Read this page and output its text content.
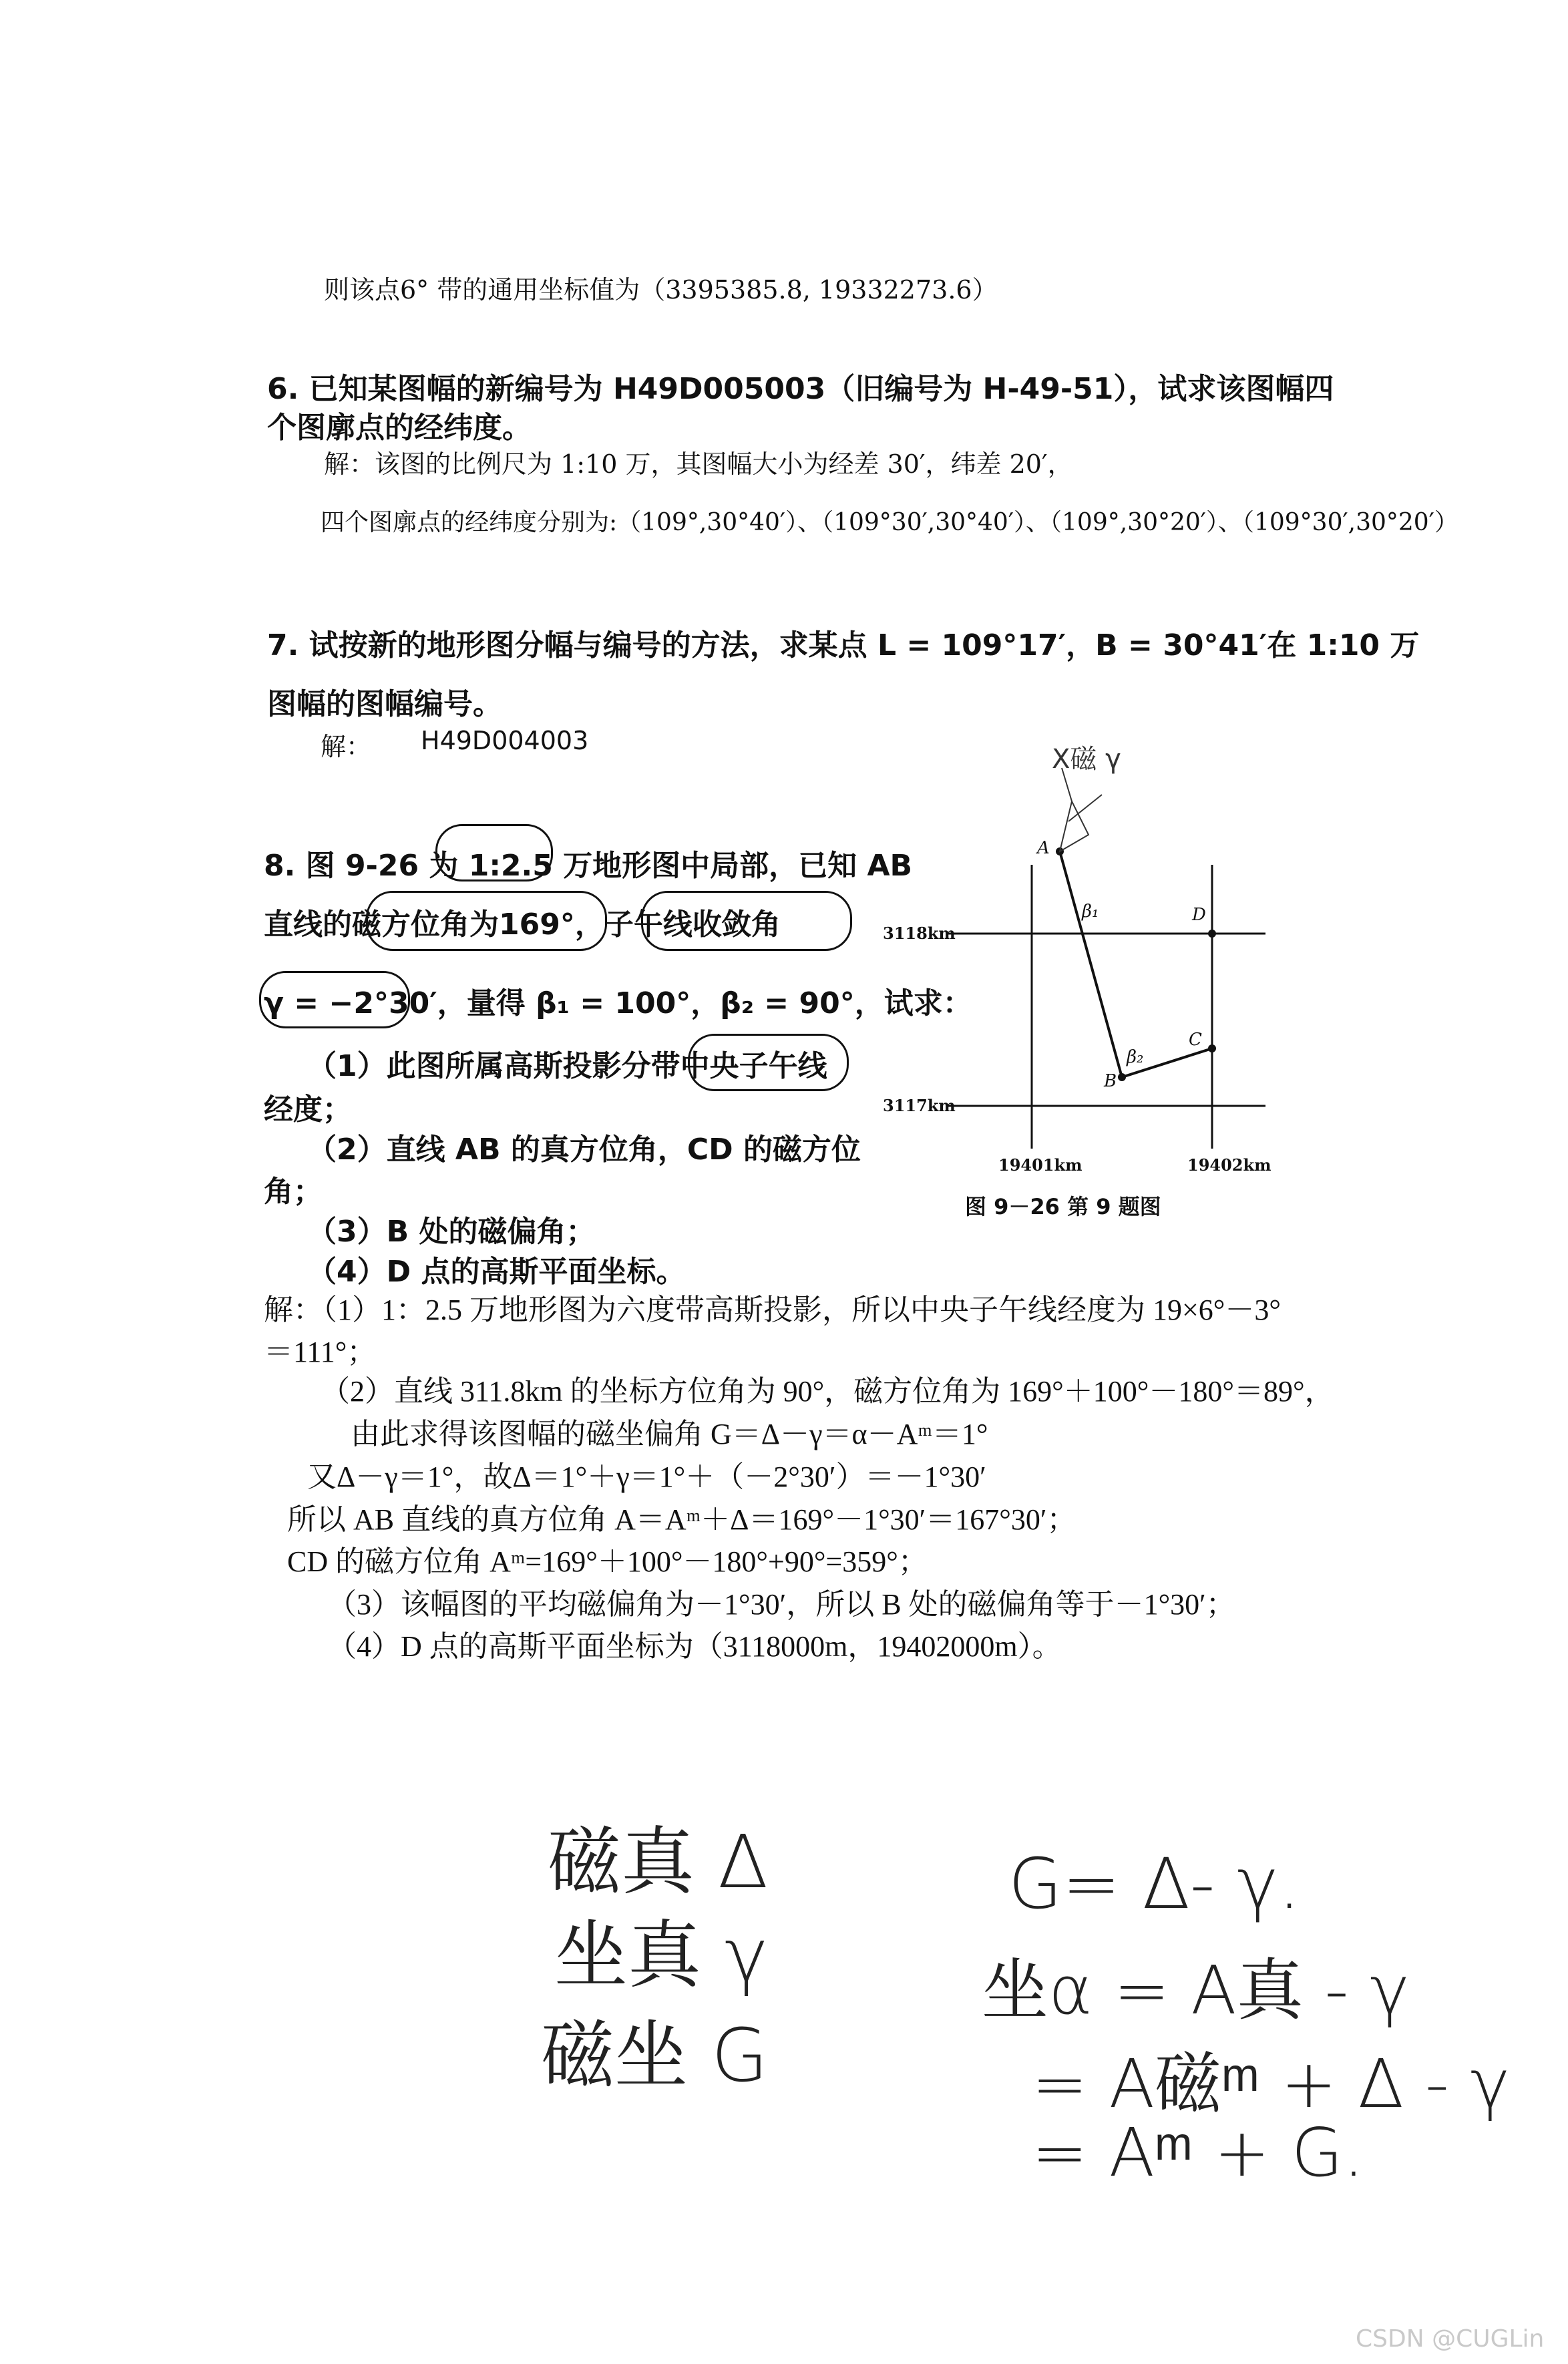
则该点6° 带的通用坐标值为（3395385.8, 19332273.6）
6. 已知某图幅的新编号为 H49D005003（旧编号为 H-49-51），试求该图幅四
个图廓点的经纬度。
解：该图的比例尺为 1:10 万，其图幅大小为经差 30′，纬差 20′，
四个图廓点的经纬度分别为:（109°,30°40′）、（109°30′,30°40′）、（109°,30°20′）、（109°30′,30°20′）
7. 试按新的地形图分幅与编号的方法，求某点 L = 109°17′，B = 30°41′在 1:10 万
图幅的图幅编号。
解： H49D004003
8. 图 9-26 为 1:2.5 万地形图中局部，已知 AB
直线的磁方位角为169°，子午线收敛角
γ = −2°30′，量得 β₁ = 100°，β₂ = 90°，试求：
（1）此图所属高斯投影分带中央子午线
经度；
（2）直线 AB 的真方位角，CD 的磁方位
角；
（3）B 处的磁偏角；
（4）D 点的高斯平面坐标。
3118km
3117km
19401km	19402km
A
B
C
D
β₁
β₂
X磁 γ
图 9－26 第 9 题图
解：（1）1：2.5 万地形图为六度带高斯投影，所以中央子午线经度为 19×6°－3°
＝111°；
（2）直线 311.8km 的坐标方位角为 90°，磁方位角为 169°＋100°－180°＝89°，
由此求得该图幅的磁坐偏角 G＝Δ－γ＝α－Aᵐ＝1°
又Δ－γ＝1°，故Δ＝1°＋γ＝1°＋（－2°30′）＝－1°30′
所以 AB 直线的真方位角 A＝Aᵐ＋Δ＝169°－1°30′＝167°30′；
CD 的磁方位角 Aᵐ=169°＋100°－180°+90°=359°；
（3）该幅图的平均磁偏角为－1°30′，所以 B 处的磁偏角等于－1°30′；
（4）D 点的高斯平面坐标为（3118000m，19402000m）。
磁真 Δ
坐真 γ
磁坐 G
G= Δ- γ.
坐α = A真 - γ
= A磁ᵐ + Δ - γ
= Aᵐ + G.
CSDN @CUGLin
